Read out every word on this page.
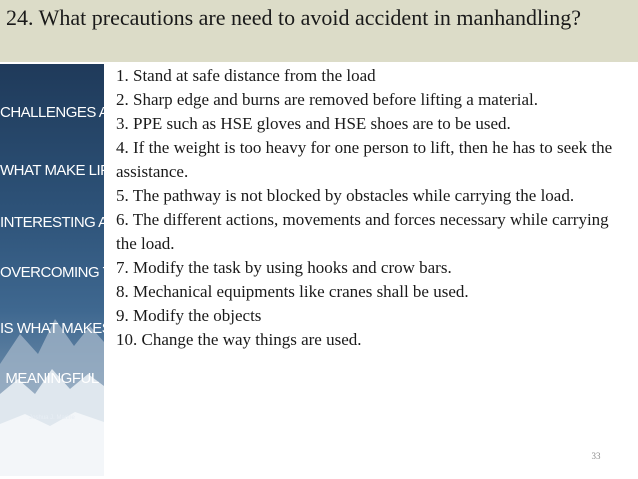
24. What precautions are need to avoid accident in manhandling?
CHALLENGES ARE
WHAT MAKE LIFE
INTERESTING AND
OVERCOMING THEM
IS WHAT MAKES LIFE
MEANINGFUL
Joshua J. Marine
1. Stand at safe distance from the load
2. Sharp edge and burns are removed before lifting a material.
3. PPE such as HSE gloves and HSE shoes are to be used.
4. If the weight is too heavy for one person to lift, then he has to seek the assistance.
5. The pathway is not blocked by obstacles while carrying the load.
6. The different actions, movements and forces necessary while carrying the load.
7. Modify the task by using hooks and crow bars.
8. Mechanical equipments like cranes shall be used.
9. Modify the objects
10. Change the way things are used.
33
